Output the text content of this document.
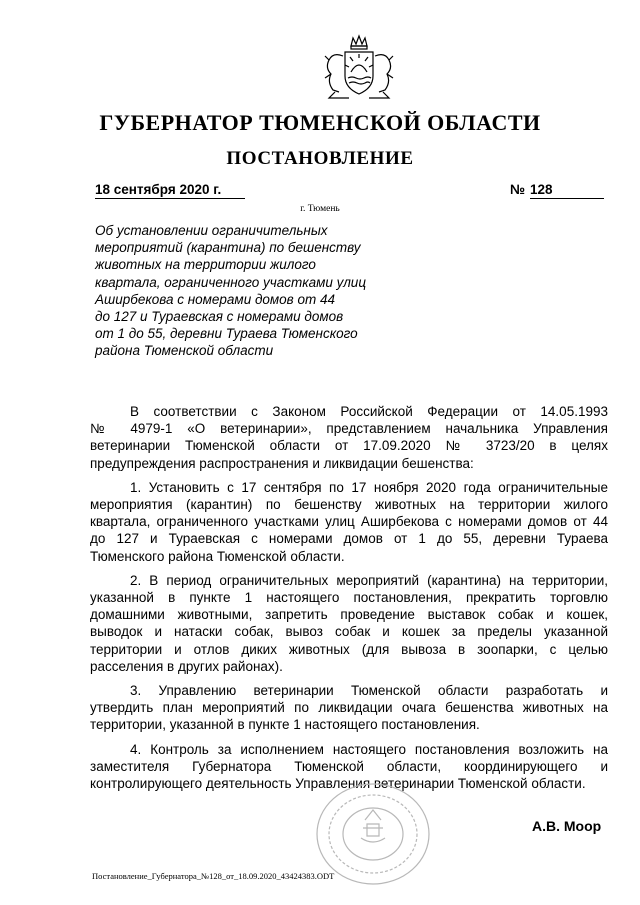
ГУБЕРНАТОР ТЮМЕНСКОЙ ОБЛАСТИ
ПОСТАНОВЛЕНИЕ
18 сентября 2020 г.	№ 128
г. Тюмень
Об установлении ограничительных
мероприятий (карантина) по бешенству
животных на территории жилого
квартала, ограниченного участками улиц
Аширбекова с номерами домов от 44
до 127 и Тураевская с номерами домов
от 1 до 55, деревни Тураева Тюменского
района Тюменской области
В соответствии с Законом Российской Федерации от 14.05.1993
№ 4979-1 «О ветеринарии», представлением начальника Управления
ветеринарии Тюменской области от 17.09.2020 № 3723/20 в целях
предупреждения распространения и ликвидации бешенства:
1. Установить с 17 сентября по 17 ноября 2020 года ограничительные
мероприятия (карантин) по бешенству животных на территории жилого
квартала, ограниченного участками улиц Аширбекова с номерами домов от 44
до 127 и Тураевская с номерами домов от 1 до 55, деревни Тураева
Тюменского района Тюменской области.
2. В период ограничительных мероприятий (карантина) на территории,
указанной в пункте 1 настоящего постановления, прекратить торговлю
домашними животными, запретить проведение выставок собак и кошек,
выводок и натаски собак, вывоз собак и кошек за пределы указанной
территории и отлов диких животных (для вывоза в зоопарки, с целью
расселения в других районах).
3. Управлению ветеринарии Тюменской области разработать и
утвердить план мероприятий по ликвидации очага бешенства животных на
территории, указанной в пункте 1 настоящего постановления.
4. Контроль за исполнением настоящего постановления возложить на
заместителя Губернатора Тюменской области, координирующего и
контролирующего деятельность Управления ветеринарии Тюменской области.
А.В. Моор
Постановление_Губернатора_№128_от_18.09.2020_43424383.ODT
